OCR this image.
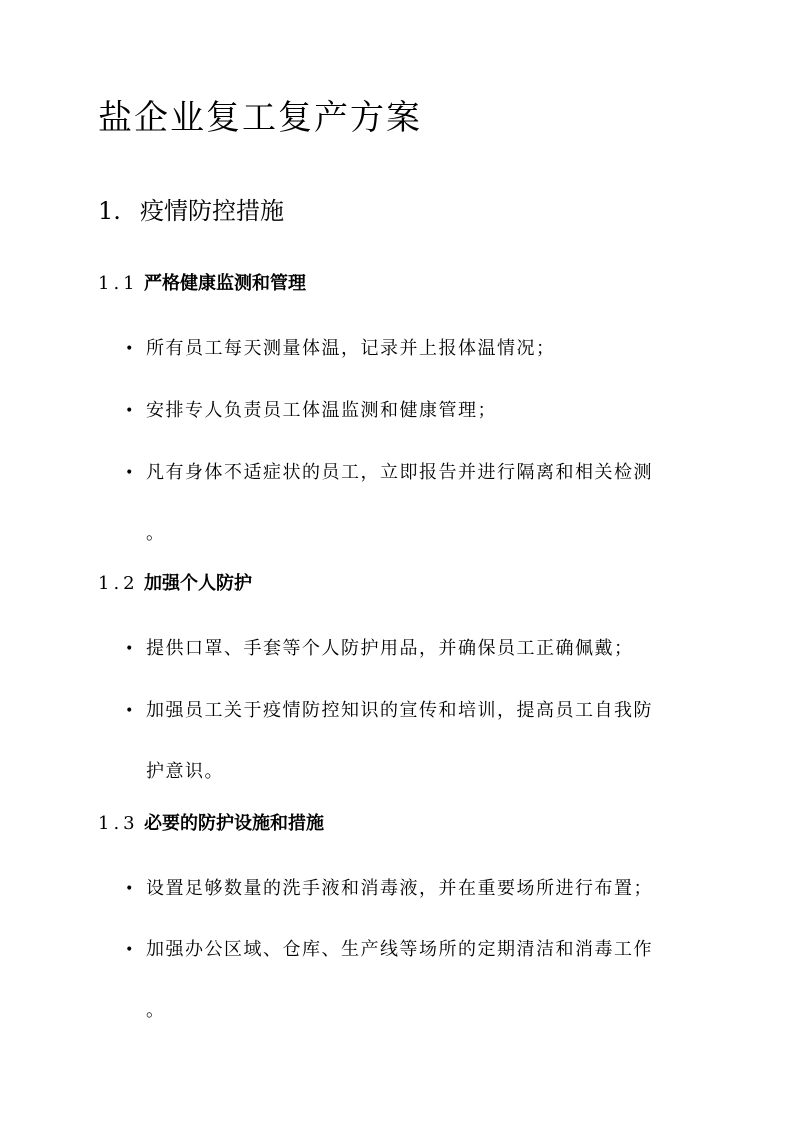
盐企业复工复产方案
1. 疫情防控措施
1.1 严格健康监测和管理
• 所有员工每天测量体温，记录并上报体温情况；
• 安排专人负责员工体温监测和健康管理；
• 凡有身体不适症状的员工，立即报告并进行隔离和相关检测
。
1.2 加强个人防护
• 提供口罩、手套等个人防护用品，并确保员工正确佩戴；
• 加强员工关于疫情防控知识的宣传和培训，提高员工自我防
护意识。
1.3 必要的防护设施和措施
• 设置足够数量的洗手液和消毒液，并在重要场所进行布置；
• 加强办公区域、仓库、生产线等场所的定期清洁和消毒工作
。
